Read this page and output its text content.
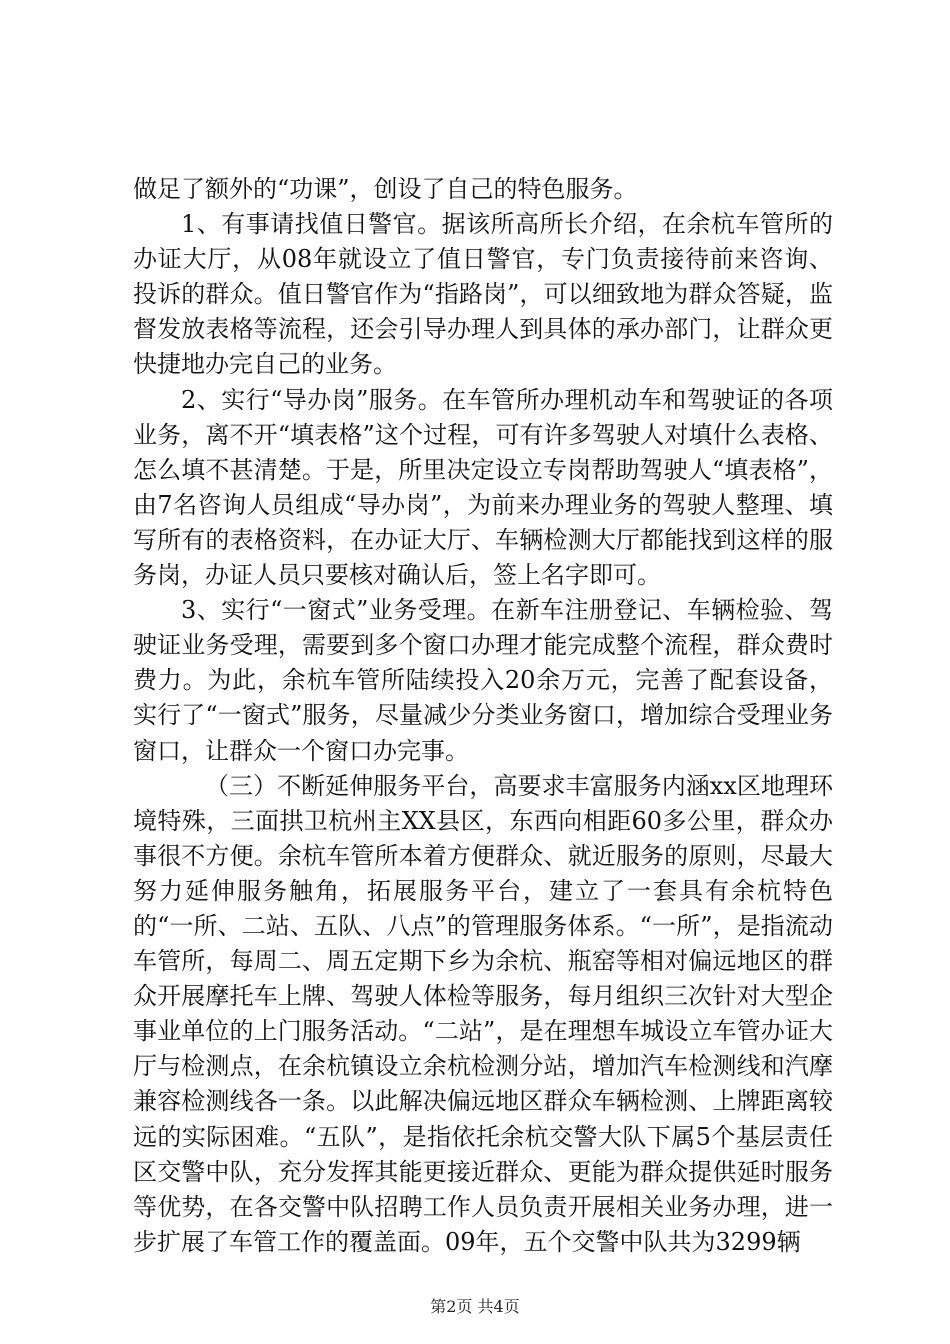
做足了额外的“功课”，创设了自己的特色服务。

1、有事请找值日警官。据该所高所长介绍，在余杭车管所的办证大厅，从08年就设立了值日警官，专门负责接待前来咨询、投诉的群众。值日警官作为“指路岗”，可以细致地为群众答疑，监督发放表格等流程，还会引导办理人到具体的承办部门，让群众更快捷地办完自己的业务。

2、实行“导办岗”服务。在车管所办理机动车和驾驶证的各项业务，离不开“填表格”这个过程，可有许多驾驶人对填什么表格、怎么填不甚清楚。于是，所里决定设立专岗帮助驾驶人“填表格”，由7名咨询人员组成“导办岗”，为前来办理业务的驾驶人整理、填写所有的表格资料，在办证大厅、车辆检测大厅都能找到这样的服务岗，办证人员只要核对确认后，签上名字即可。

3、实行“一窗式”业务受理。在新车注册登记、车辆检验、驾驶证业务受理，需要到多个窗口办理才能完成整个流程，群众费时费力。为此，余杭车管所陆续投入20余万元，完善了配套设备，实行了“一窗式”服务，尽量减少分类业务窗口，增加综合受理业务窗口，让群众一个窗口办完事。

（三）不断延伸服务平台，高要求丰富服务内涵xx区地理环境特殊，三面拱卫杭州主XX县区，东西向相距60多公里，群众办事很不方便。余杭车管所本着方便群众、就近服务的原则，尽最大努力延伸服务触角，拓展服务平台，建立了一套具有余杭特色的“一所、二站、五队、八点”的管理服务体系。“一所”，是指流动车管所，每周二、周五定期下乡为余杭、瓶窑等相对偏远地区的群众开展摩托车上牌、驾驶人体检等服务，每月组织三次针对大型企事业单位的上门服务活动。“二站”，是在理想车城设立车管办证大厅与检测点，在余杭镇设立余杭检测分站，增加汽车检测线和汽摩兼容检测线各一条。以此解决偏远地区群众车辆检测、上牌距离较远的实际困难。“五队”，是指依托余杭交警大队下属5个基层责任区交警中队，充分发挥其能更接近群众、更能为群众提供延时服务等优势，在各交警中队招聘工作人员负责开展相关业务办理，进一步扩展了车管工作的覆盖面。09年，五个交警中队共为3299辆

第2页 共4页
